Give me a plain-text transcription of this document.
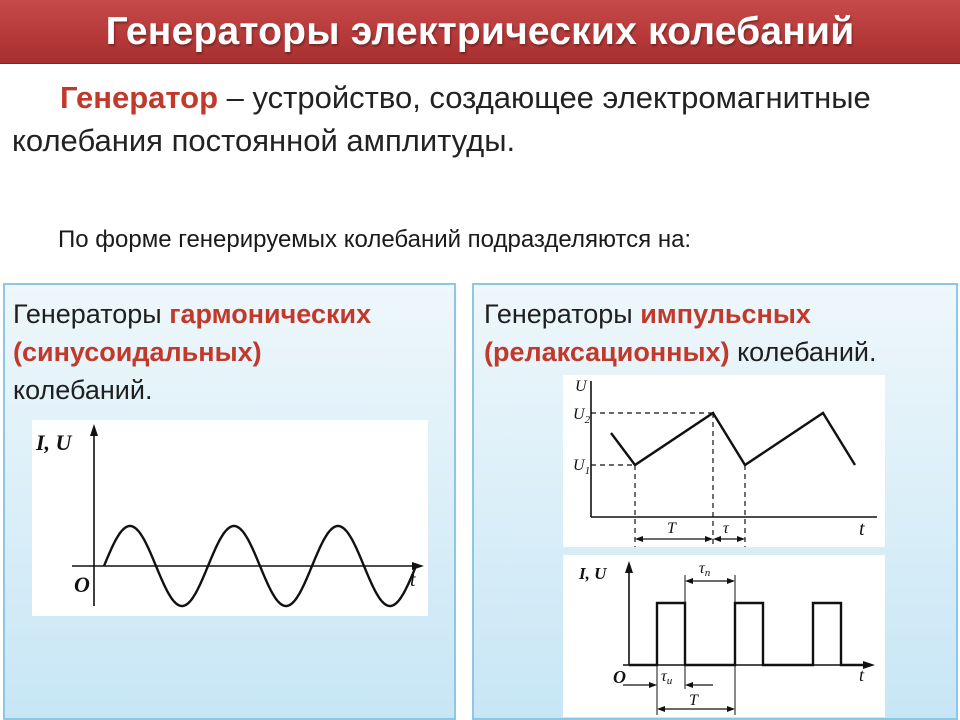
Генераторы электрических колебаний
Генератор – устройство, создающее электромагнитные колебания постоянной амплитуды.
По форме генерируемых колебаний подразделяются на:
Генераторы гармонических
(синусоидальных)
колебаний.
Генераторы импульсных
(релаксационных) колебаний.
I, U
O	t
U
$U_2$
$U_1$
t
T	τ
I, U
O	t
τп
τи
T
